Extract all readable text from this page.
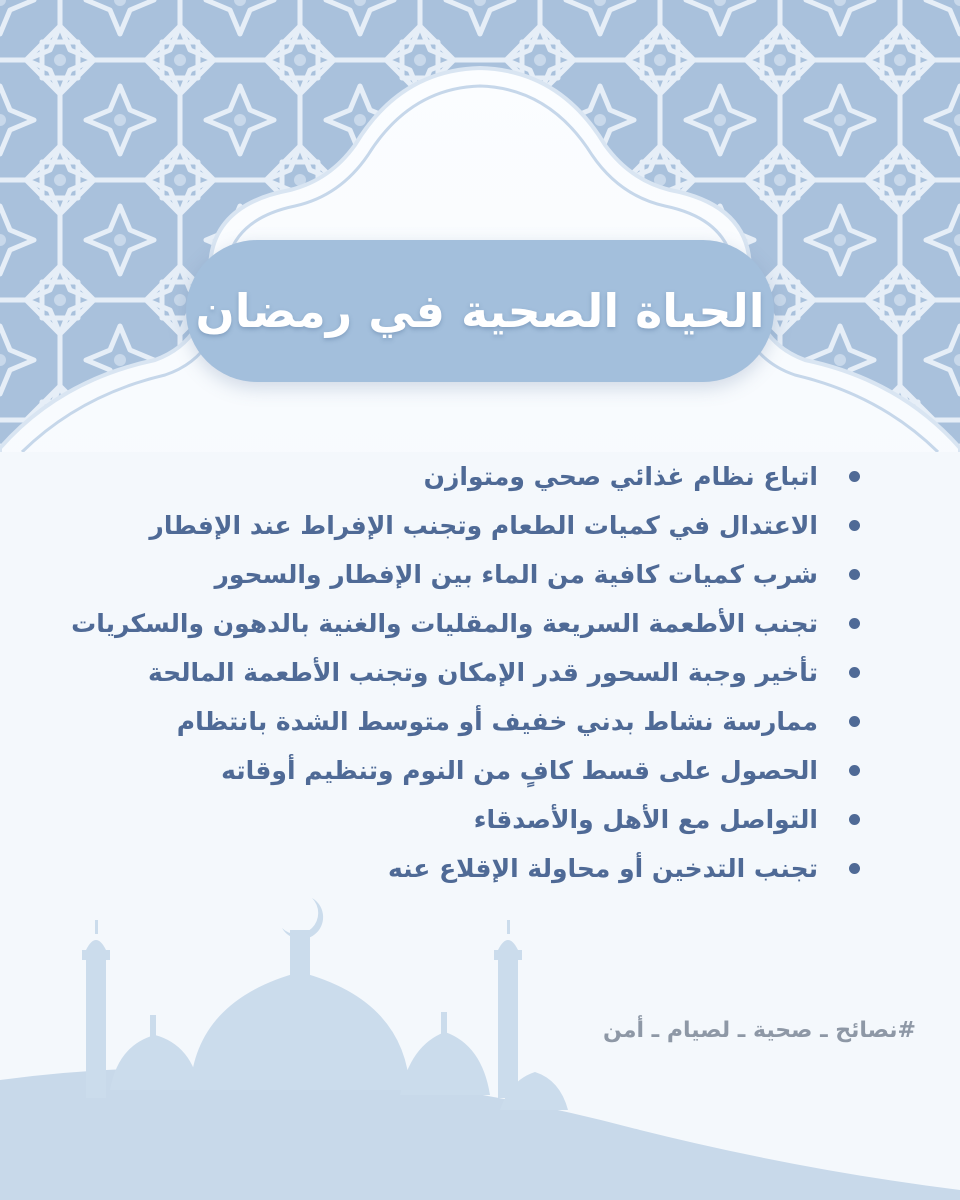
الحياة الصحية في رمضان
اتباع نظام غذائي صحي ومتوازن
الاعتدال في كميات الطعام وتجنب الإفراط عند الإفطار
شرب كميات كافية من الماء بين الإفطار والسحور
تجنب الأطعمة السريعة والمقليات والغنية بالدهون والسكريات
تأخير وجبة السحور قدر الإمكان وتجنب الأطعمة المالحة
ممارسة نشاط بدني خفيف أو متوسط الشدة بانتظام
الحصول على قسط كافٍ من النوم وتنظيم أوقاته
التواصل مع الأهل والأصدقاء
تجنب التدخين أو محاولة الإقلاع عنه
#نصائح ـ صحية ـ لصيام ـ أمن
